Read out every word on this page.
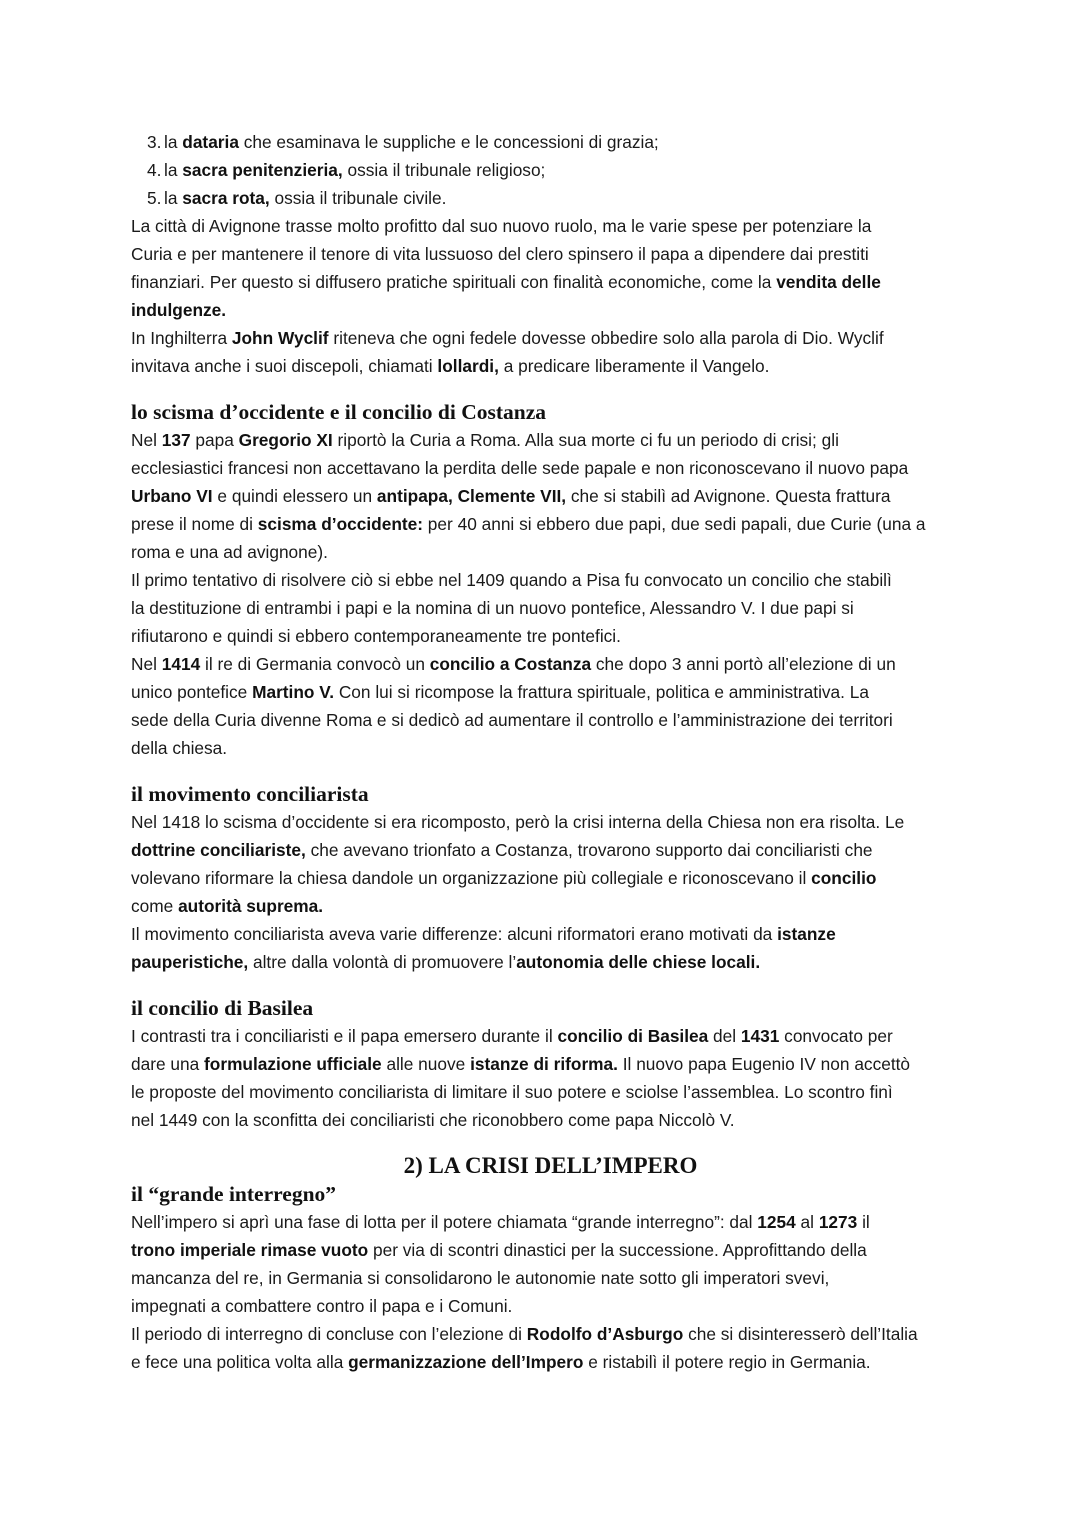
3. la dataria che esaminava le suppliche e le concessioni di grazia;
4. la sacra penitenzieria, ossia il tribunale religioso;
5. la sacra rota, ossia il tribunale civile.

La città di Avignone trasse molto profitto dal suo nuovo ruolo, ma le varie spese per potenziare la

Curia e per mantenere il tenore di vita lussuoso del clero spinsero il papa a dipendere dai prestiti

finanziari. Per questo si diffusero pratiche spirituali con finalità economiche, come la vendita delle

indulgenze.

In Inghilterra John Wyclif riteneva che ogni fedele dovesse obbedire solo alla parola di Dio. Wyclif

invitava anche i suoi discepoli, chiamati lollardi, a predicare liberamente il Vangelo.

lo scisma d’occidente e il concilio di Costanza

Nel 137 papa Gregorio XI riportò la Curia a Roma. Alla sua morte ci fu un periodo di crisi; gli

ecclesiastici francesi non accettavano la perdita delle sede papale e non riconoscevano il nuovo papa

Urbano VI e quindi elessero un antipapa, Clemente VII, che si stabilì ad Avignone. Questa frattura

prese il nome di scisma d’occidente: per 40 anni si ebbero due papi, due sedi papali, due Curie (una a

roma e una ad avignone).

Il primo tentativo di risolvere ciò si ebbe nel 1409 quando a Pisa fu convocato un concilio che stabilì

la destituzione di entrambi i papi e la nomina di un nuovo pontefice, Alessandro V. I due papi si

rifiutarono e quindi si ebbero contemporaneamente tre pontefici.

Nel 1414 il re di Germania convocò un concilio a Costanza che dopo 3 anni portò all’elezione di un

unico pontefice Martino V. Con lui si ricompose la frattura spirituale, politica e amministrativa. La

sede della Curia divenne Roma e si dedicò ad aumentare il controllo e l’amministrazione dei territori

della chiesa.

il movimento conciliarista

Nel 1418 lo scisma d’occidente si era ricomposto, però la crisi interna della Chiesa non era risolta. Le

dottrine conciliariste, che avevano trionfato a Costanza, trovarono supporto dai conciliaristi che

volevano riformare la chiesa dandole un organizzazione più collegiale e riconoscevano il concilio

come autorità suprema.

Il movimento conciliarista aveva varie differenze: alcuni riformatori erano motivati da istanze

pauperistiche, altre dalla volontà di promuovere l’autonomia delle chiese locali.

il concilio di Basilea

I contrasti tra i conciliaristi e il papa emersero durante il concilio di Basilea del 1431 convocato per

dare una formulazione ufficiale alle nuove istanze di riforma. Il nuovo papa Eugenio IV non accettò

le proposte del movimento conciliarista di limitare il suo potere e sciolse l’assemblea. Lo scontro finì

nel 1449 con la sconfitta dei conciliaristi che riconobbero come papa Niccolò V.

2) LA CRISI DELL’IMPERO
il “grande interregno”

Nell’impero si aprì una fase di lotta per il potere chiamata “grande interregno”: dal 1254 al 1273 il

trono imperiale rimase vuoto per via di scontri dinastici per la successione. Approfittando della

mancanza del re, in Germania si consolidarono le autonomie nate sotto gli imperatori svevi,

impegnati a combattere contro il papa e i Comuni.

Il periodo di interregno di concluse con l’elezione di Rodolfo d’Asburgo che si disinteresserò dell’Italia

e fece una politica volta alla germanizzazione dell’Impero e ristabilì il potere regio in Germania.
